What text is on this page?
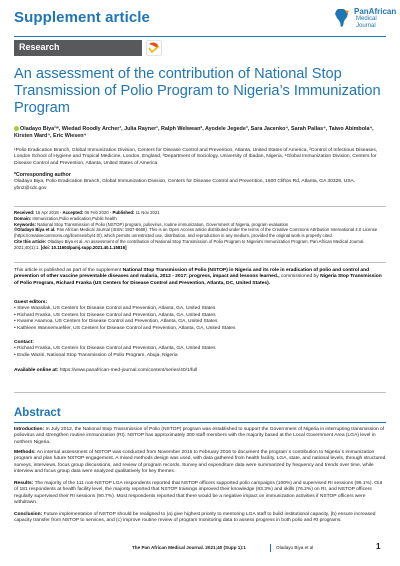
Supplement article	PanAfrican
Medical
Journal
Research
An assessment of the contribution of National Stop Transmission of Polio Program to Nigeria’s Immunization Program
Oladayo Biya¹ʷ, Wiedad Roodly Archer¹, Julia Rayner¹, Ralph Welwean², Ayodele Jegede³, Sara Jacenko⁴, Sarah Pallas⁴, Taiwo Abimbola⁴, Kirsten Ward⁴, Eric Wiesen⁴
¹Polio Eradication Branch, Global Immunization Division, Centers for Disease Control and Prevention, Atlanta, United States of America, ²Control of Infectious Diseases, London School of Hygiene and Tropical Medicine, London, England, ³Department of Sociology, University of Ibadan, Nigeria, ⁴Global Immunization Division, Centers for Disease Control and Prevention, Atlanta, United States of America
*Corresponding author
Oladayo Biya, Polio Eradication Branch, Global Immunization Division, Centers for Disease Control and Prevention, 1600 Clifton Rd, Atlanta, GA 30329, USA. ybn2@cdc.gov
Received: 16 Apr 2018 - Accepted: 06 Feb 2020 - Published: 11 Nov 2021
Domain: Immunization,Polio eradication,Public health
Keywords: National Stop Transmission of Polio (NSTOP) program, poliovirus, routine immunization, Government of Nigeria, program evaluation
©Oladayo Biya et al. Pan African Medical Journal (ISSN: 1937-8688). This is an Open Access article distributed under the terms of the Creative Commons Attribution International 4.0 License (https://creativecommons.org/licenses/by/4.0/), which permits unrestricted use, distribution, and reproduction in any medium, provided the original work is properly cited.
Cite this article: Oladayo Biya et al. An assessment of the contribution of National Stop Transmission of Polio Program to Nigeria's Immunization Program. Pan African Medical Journal. 2021;40(1):1. [doi: 10.11604/pamj.supp.2021.40.1.15816]
This article is published as part of the supplement National Stop Transmission of Polio (NSTOP) in Nigeria and its role in eradication of polio and control and prevention of other vaccine preventable diseases and malaria, 2012 - 2017: progress, impact and lessons learned., commissioned by Nigeria Stop Transmission of Polio Program, Richard Franka (US Centers for Disease Control and Prevention, Atlanta, DC, United States).
Guest editors:
• Steve Wassilak, US Centers for Disease Control and Prevention, Atlanta, GA, United States
• Richard Franka, US Centers for Disease Control and Prevention, Atlanta, GA, United States
• Kwame Asamoa, US Centers for Disease Control and Prevention, Atlanta, GA, United States
• Kathleen Wannemuehler, US Centers for Disease Control and Prevention, Atlanta, GA, United States
Contact:
• Richard Franka, US Centers for Disease Control and Prevention, Atlanta, GA, United States
• Endie Waziri, National Stop Transmission of Polio Program, Abuja, Nigeria
Available online at: https://www.panafrican-med-journal.com/content/series/40/1/full
Abstract
Introduction: In July 2012, the National Stop Transmission of Polio (NSTOP) program was established to support the Government of Nigeria in interrupting transmission of poliovirus and strengthen routine immunization (RI). NSTOP has approximately 300 staff members with the majority based at the Local Government Area (LGA) level in northern Nigeria.
Methods: An internal assessment of NSTOP was conducted from November 2015 to February 2016 to document the program`s contribution to Nigeria`s immunization program and plan future NSTOP engagement. A mixed methods design was used, with data gathered from health facility, LGA, state, and national levels, through structured surveys, interviews, focus group discussions, and review of program records. Survey and expenditure data were summarized by frequency and trends over time, while interview and focus group data were analyzed qualitatively for key themes.
Results: The majority of the 111 non-NSTOP LGA respondents reported that NSTOP officers supported polio campaigns (100%) and supervised RI sessions (99.1%). Out of 181 respondents at health facility level, the majority reported that NSTOP trainings improved their knowledge (83.3%) and skills (76.2%) on RI, and NSTOP officers regularly supervised their RI sessions (90.7%). Most respondents reported that there would be a negative impact on immunization activities if NSTOP officers were withdrawn.
Conclusion: Future implementation of NSTOP should be realigned to (a) give highest priority to mentoring LGA staff to build institutional capacity, (b) ensure increased capacity transfer from NSTOP to services, and (c) improve routine review of program monitoring data to assess progress in both polio and RI programs.
The Pan African Medical Journal. 2021;40 (Supp 1):1	Oladayo Biya et al	1
